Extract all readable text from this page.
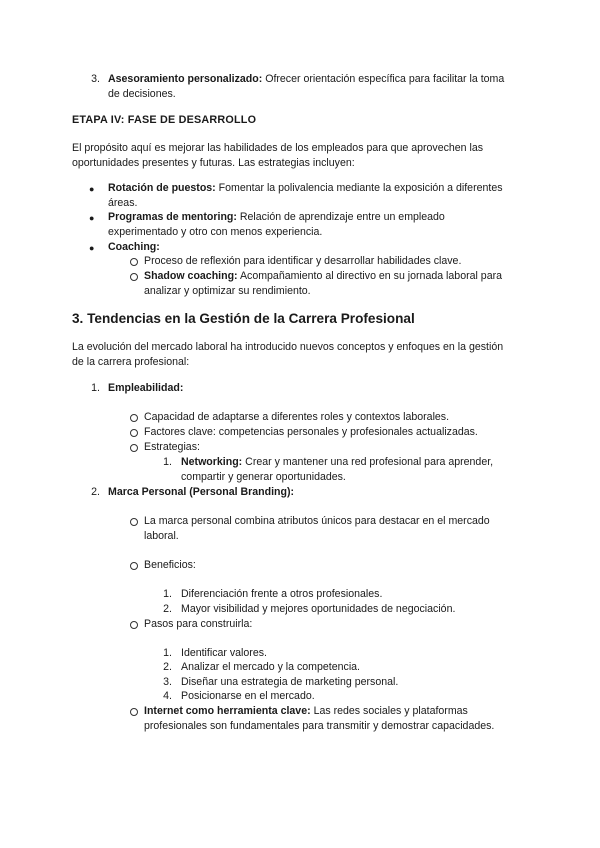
3. Asesoramiento personalizado: Ofrecer orientación específica para facilitar la toma
de decisiones.
ETAPA IV: FASE DE DESARROLLO
El propósito aquí es mejorar las habilidades de los empleados para que aprovechen las
oportunidades presentes y futuras. Las estrategias incluyen:
● Rotación de puestos: Fomentar la polivalencia mediante la exposición a diferentes
áreas.
● Programas de mentoring: Relación de aprendizaje entre un empleado
experimentado y otro con menos experiencia.
● Coaching:
Proceso de reflexión para identificar y desarrollar habilidades clave.
Shadow coaching: Acompañamiento al directivo en su jornada laboral para
analizar y optimizar su rendimiento.
3. Tendencias en la Gestión de la Carrera Profesional
La evolución del mercado laboral ha introducido nuevos conceptos y enfoques en la gestión
de la carrera profesional:
1. Empleabilidad:
Capacidad de adaptarse a diferentes roles y contextos laborales.
Factores clave: competencias personales y profesionales actualizadas.
Estrategias:
1. Networking: Crear y mantener una red profesional para aprender,
compartir y generar oportunidades.
2. Marca Personal (Personal Branding):
La marca personal combina atributos únicos para destacar en el mercado
laboral.
Beneficios:
1. Diferenciación frente a otros profesionales.
2. Mayor visibilidad y mejores oportunidades de negociación.
Pasos para construirla:
1. Identificar valores.
2. Analizar el mercado y la competencia.
3. Diseñar una estrategia de marketing personal.
4. Posicionarse en el mercado.
Internet como herramienta clave: Las redes sociales y plataformas
profesionales son fundamentales para transmitir y demostrar capacidades.
